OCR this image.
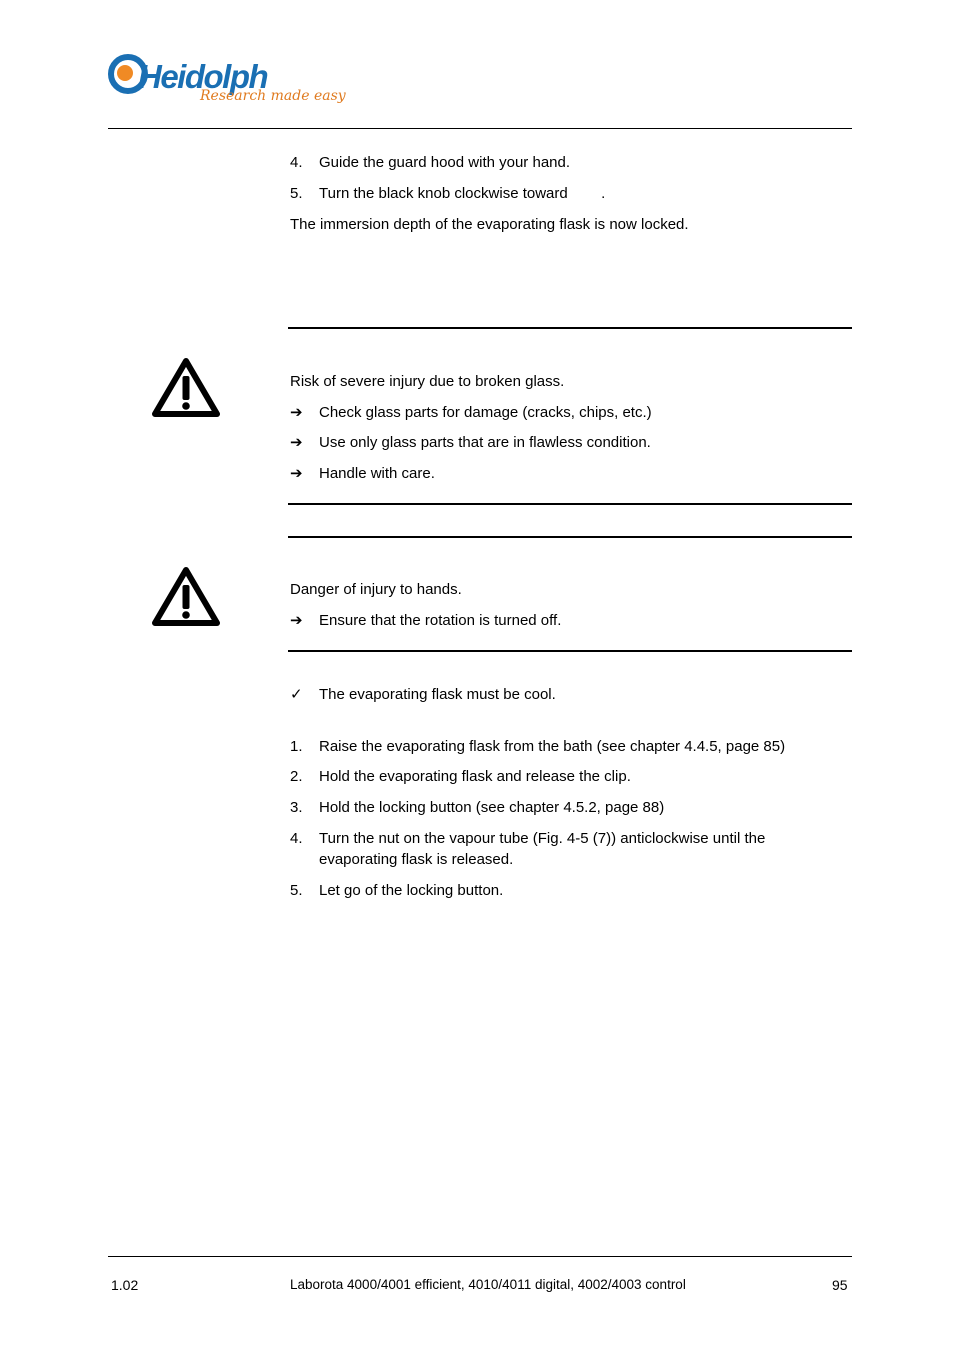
Heidolph
Research made easy
4. Guide the guard hood with your hand.
5. Turn the black knob clockwise toward        .
The immersion depth of the evaporating flask is now locked.
Risk of severe injury due to broken glass.
➔ Check glass parts for damage (cracks, chips, etc.)
➔ Use only glass parts that are in flawless condition.
➔ Handle with care.
Danger of injury to hands.
➔ Ensure that the rotation is turned off.
✓ The evaporating flask must be cool.
1. Raise the evaporating flask from the bath (see chapter 4.4.5, page 85)
2. Hold the evaporating flask and release the clip.
3. Hold the locking button (see chapter 4.5.2, page 88)
4. Turn the nut on the vapour tube (Fig. 4-5 (7)) anticlockwise until the
evaporating flask is released.
5. Let go of the locking button.
1.02	Laborota 4000/4001 efficient, 4010/4011 digital, 4002/4003 control	95
